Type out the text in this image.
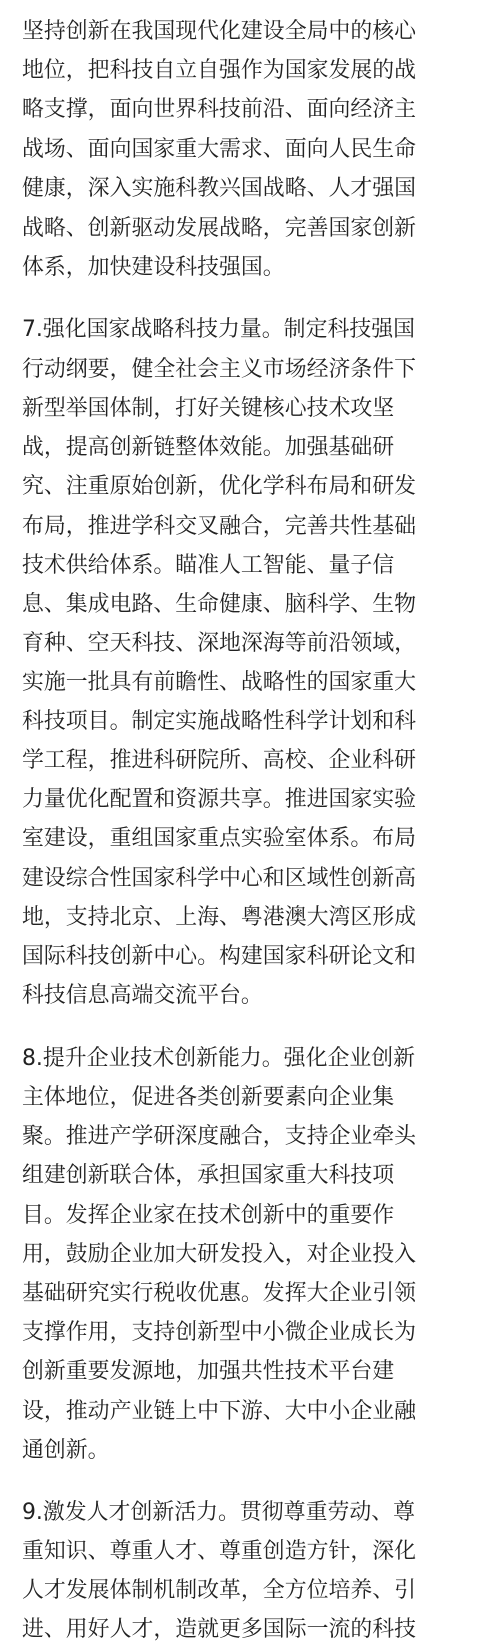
坚持创新在我国现代化建设全局中的核心
地位，把科技自立自强作为国家发展的战
略支撑，面向世界科技前沿、面向经济主
战场、面向国家重大需求、面向人民生命
健康，深入实施科教兴国战略、人才强国
战略、创新驱动发展战略，完善国家创新
体系，加快建设科技强国。
7.强化国家战略科技力量。制定科技强国
行动纲要，健全社会主义市场经济条件下
新型举国体制，打好关键核心技术攻坚
战，提高创新链整体效能。加强基础研
究、注重原始创新，优化学科布局和研发
布局，推进学科交叉融合，完善共性基础
技术供给体系。瞄准人工智能、量子信
息、集成电路、生命健康、脑科学、生物
育种、空天科技、深地深海等前沿领域，
实施一批具有前瞻性、战略性的国家重大
科技项目。制定实施战略性科学计划和科
学工程，推进科研院所、高校、企业科研
力量优化配置和资源共享。推进国家实验
室建设，重组国家重点实验室体系。布局
建设综合性国家科学中心和区域性创新高
地，支持北京、上海、粤港澳大湾区形成
国际科技创新中心。构建国家科研论文和
科技信息高端交流平台。
8.提升企业技术创新能力。强化企业创新
主体地位，促进各类创新要素向企业集
聚。推进产学研深度融合，支持企业牵头
组建创新联合体，承担国家重大科技项
目。发挥企业家在技术创新中的重要作
用，鼓励企业加大研发投入，对企业投入
基础研究实行税收优惠。发挥大企业引领
支撑作用，支持创新型中小微企业成长为
创新重要发源地，加强共性技术平台建
设，推动产业链上中下游、大中小企业融
通创新。
9.激发人才创新活力。贯彻尊重劳动、尊
重知识、尊重人才、尊重创造方针，深化
人才发展体制机制改革，全方位培养、引
进、用好人才，造就更多国际一流的科技
